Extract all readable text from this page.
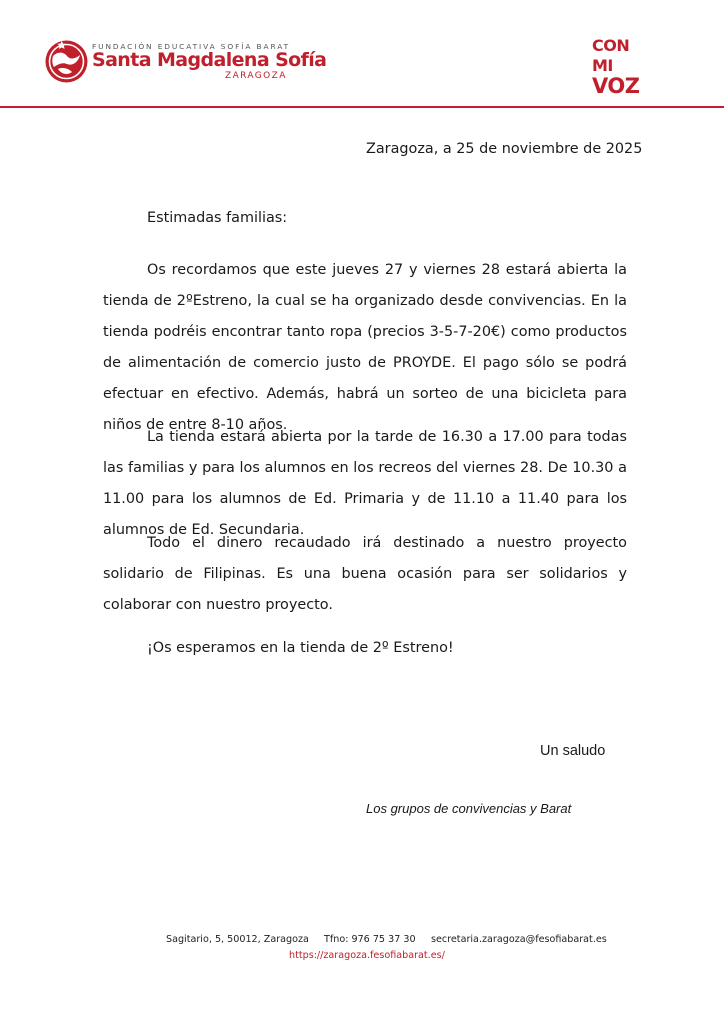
FUNDACIÓN EDUCATIVA SOFÍA BARAT
Santa Magdalena Sofía
ZARAGOZA
CON MI
VOZ
Zaragoza, a 25 de noviembre de 2025
Estimadas familias:

Os recordamos que este jueves 27 y viernes 28 estará abierta la tienda de 2ºEstreno, la cual se ha organizado desde convivencias. En la tienda podréis encontrar tanto ropa (precios 3-5-7-20€) como productos de alimentación de comercio justo de PROYDE. El pago sólo se podrá efectuar en efectivo. Además, habrá un sorteo de una bicicleta para niños de entre 8-10 años.

La tienda estará abierta por la tarde de 16.30 a 17.00 para todas las familias y para los alumnos en los recreos del viernes 28. De 10.30 a 11.00 para los alumnos de Ed. Primaria y de 11.10 a 11.40 para los alumnos de Ed. Secundaria.

Todo el dinero recaudado irá destinado a nuestro proyecto solidario de Filipinas. Es una buena ocasión para ser solidarios y colaborar con nuestro proyecto.

¡Os esperamos en la tienda de 2º Estreno!

Un saludo
Los grupos de convivencias y Barat
Sagitario, 5, 50012, Zaragoza Tfno: 976 75 37 30 secretaria.zaragoza@fesofiabarat.es
https://zaragoza.fesofiabarat.es/
